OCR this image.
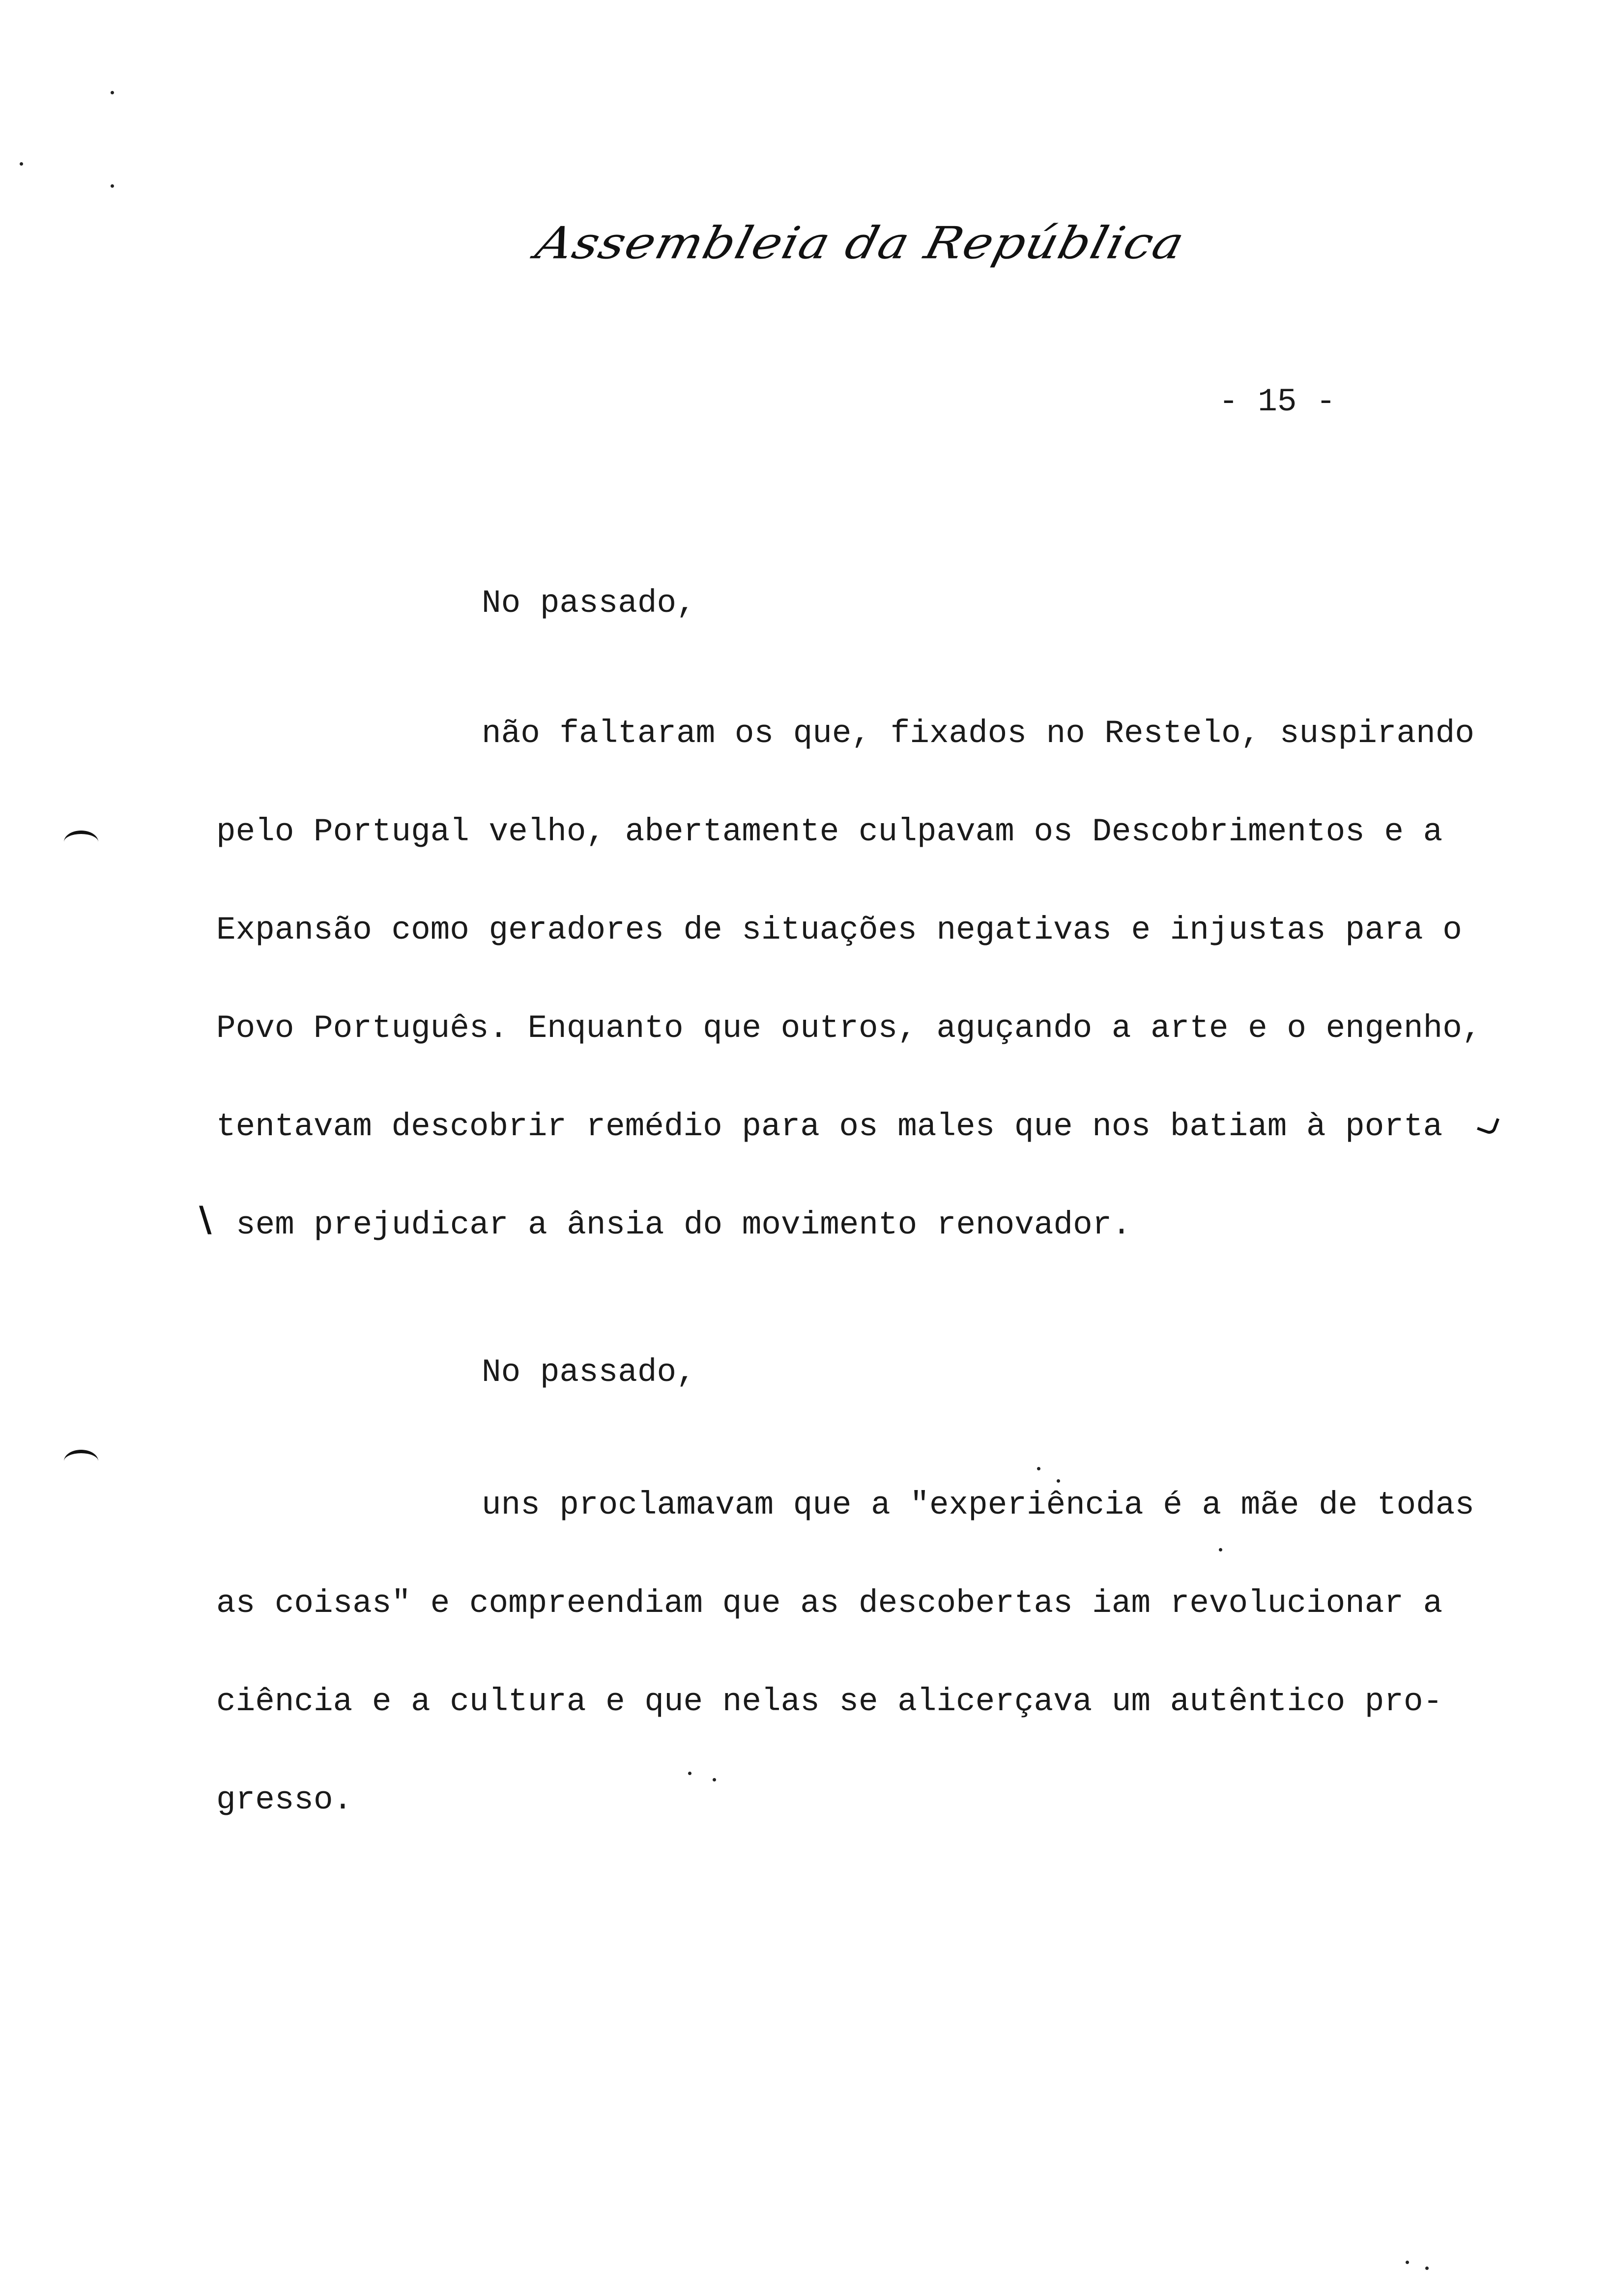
Assembleia da República
- 15 -
No passado,
não faltaram os que, fixados no Restelo, suspirando
pelo Portugal velho, abertamente culpavam os Descobrimentos e a
Expansão como geradores de situações negativas e injustas para o
Povo Português. Enquanto que outros, aguçando a arte e o engenho,
tentavam descobrir remédio para os males que nos batiam à porta
sem prejudicar a ânsia do movimento renovador.
No passado,
uns proclamavam que a "experiência é a mãe de todas
as coisas" e compreendiam que as descobertas iam revolucionar a
ciência e a cultura e que nelas se alicerçava um autêntico pro-
gresso.
\
